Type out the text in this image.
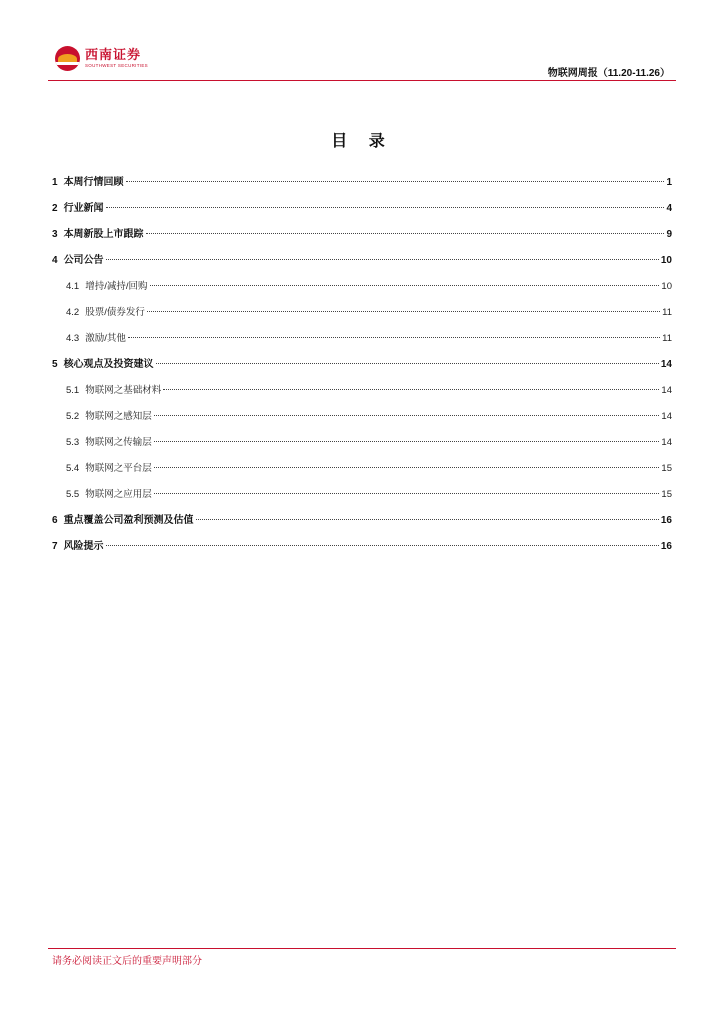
西南证券
SOUTHWEST SECURITIES
物联网周报（11.20-11.26）
目 录
1 本周行情回顾	1
2 行业新闻	4
3 本周新股上市跟踪	9
4 公司公告	10
4.1 增持/减持/回购	10
4.2 股票/债券发行	11
4.3 激励/其他	11
5 核心观点及投资建议	14
5.1 物联网之基础材料	14
5.2 物联网之感知层	14
5.3 物联网之传输层	14
5.4 物联网之平台层	15
5.5 物联网之应用层	15
6 重点覆盖公司盈利预测及估值	16
7 风险提示	16
请务必阅读正文后的重要声明部分
